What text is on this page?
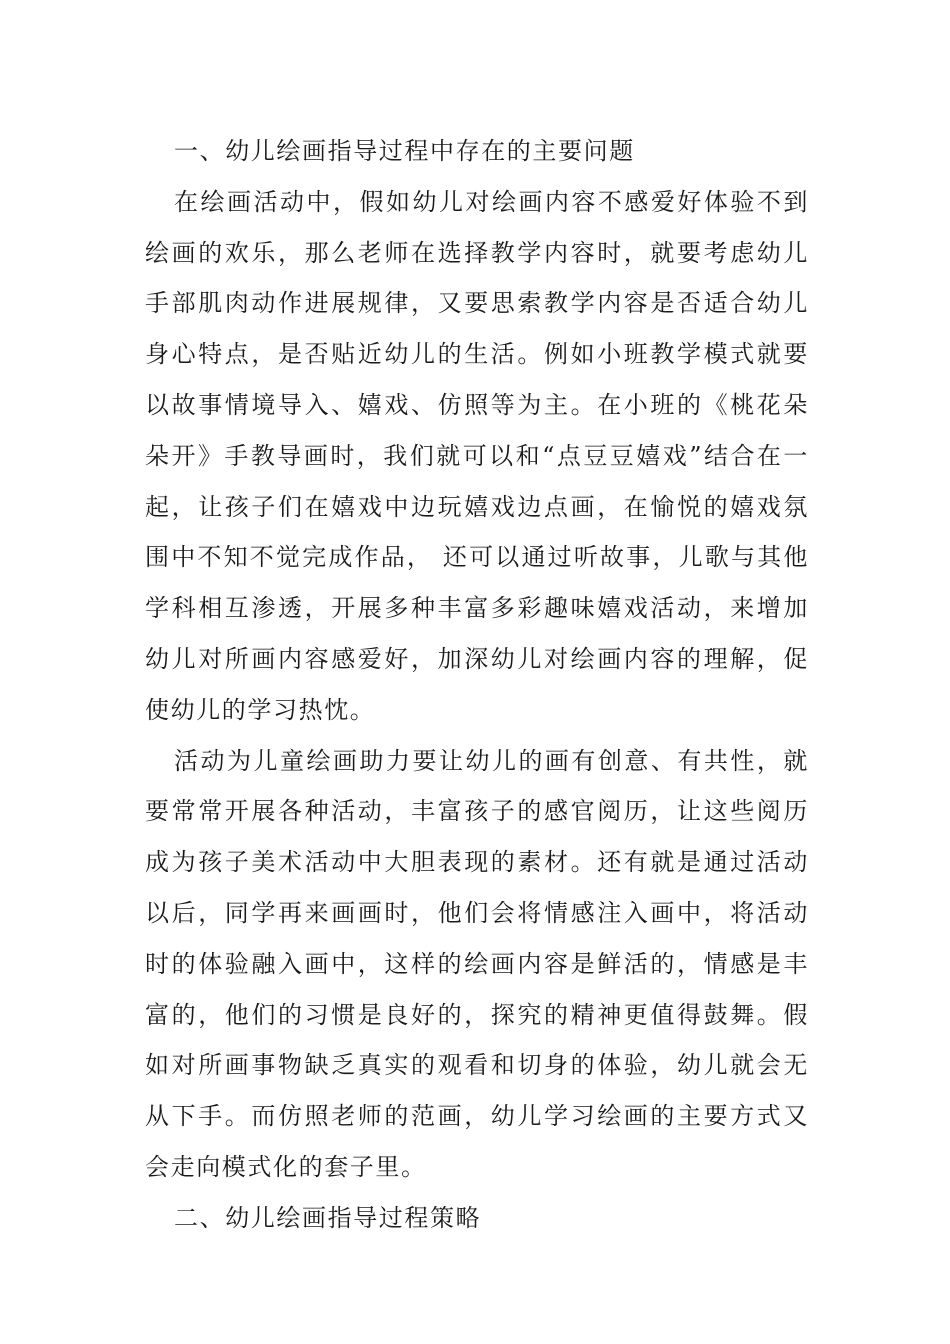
一、幼儿绘画指导过程中存在的主要问题

在绘画活动中，假如幼儿对绘画内容不感爱好体验不到绘画的欢乐，那么老师在选择教学内容时，就要考虑幼儿手部肌肉动作进展规律，又要思索教学内容是否适合幼儿身心特点，是否贴近幼儿的生活。例如小班教学模式就要以故事情境导入、嬉戏、仿照等为主。在小班的《桃花朵朵开》手教导画时，我们就可以和“点豆豆嬉戏”结合在一起，让孩子们在嬉戏中边玩嬉戏边点画，在愉悦的嬉戏氛围中不知不觉完成作品， 还可以通过听故事，儿歌与其他学科相互渗透，开展多种丰富多彩趣味嬉戏活动，来增加幼儿对所画内容感爱好，加深幼儿对绘画内容的理解，促使幼儿的学习热忱。

活动为儿童绘画助力要让幼儿的画有创意、有共性，就要常常开展各种活动，丰富孩子的感官阅历，让这些阅历成为孩子美术活动中大胆表现的素材。还有就是通过活动以后，同学再来画画时，他们会将情感注入画中，将活动时的体验融入画中，这样的绘画内容是鲜活的，情感是丰富的，他们的习惯是良好的，探究的精神更值得鼓舞。假如对所画事物缺乏真实的观看和切身的体验，幼儿就会无从下手。而仿照老师的范画，幼儿学习绘画的主要方式又会走向模式化的套子里。

二、幼儿绘画指导过程策略
